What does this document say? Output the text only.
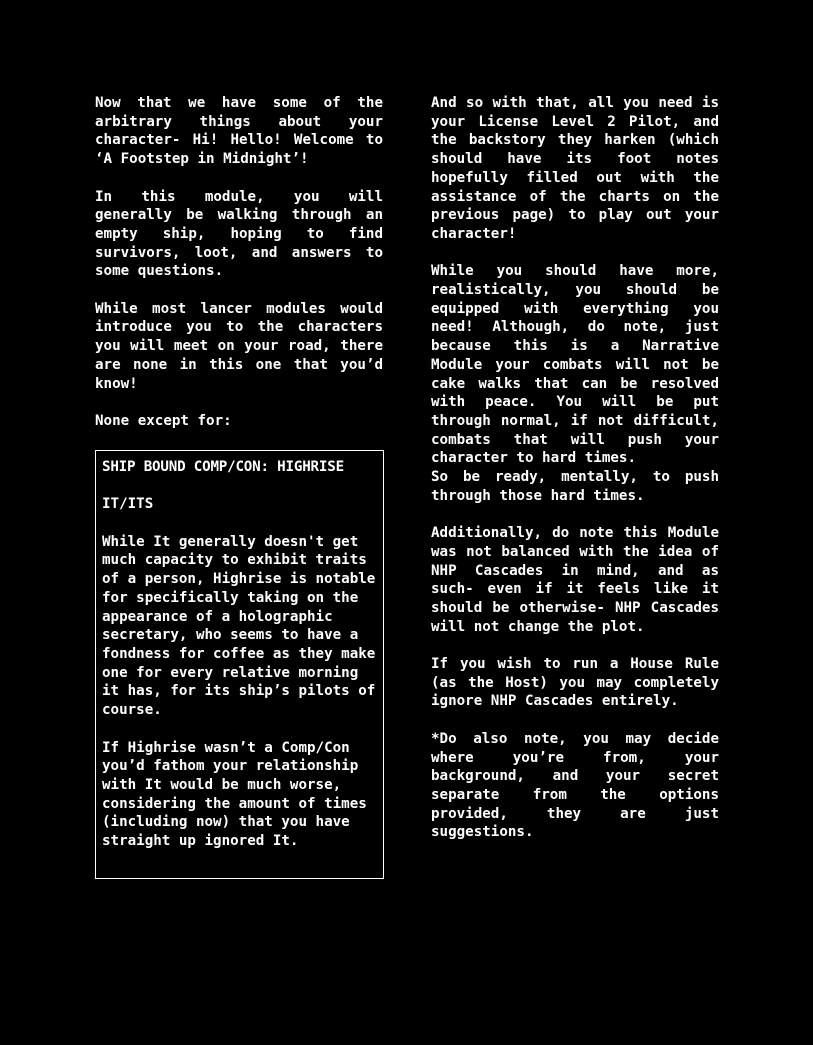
Now that we have some of the arbitrary things about your character- Hi! Hello! Welcome to ‘A Footstep in Midnight’!

In this module, you will generally be walking through an empty ship, hoping to find survivors, loot, and answers to some questions.

While most lancer modules would introduce you to the characters you will meet on your road, there are none in this one that you’d know!

None except for:

SHIP BOUND COMP/CON: HIGHRISE

IT/ITS

While It generally doesn't get much capacity to exhibit traits of a person, Highrise is notable for specifically taking on the appearance of a holographic secretary, who seems to have a fondness for coffee as they make one for every relative morning it has, for its ship’s pilots of course.

If Highrise wasn’t a Comp/Con you’d fathom your relationship with It would be much worse, considering the amount of times (including now) that you have straight up ignored It.

And so with that, all you need is your License Level 2 Pilot, and the backstory they harken (which should have its foot notes hopefully filled out with the assistance of the charts on the previous page) to play out your character!

While you should have more, realistically, you should be equipped with everything you need! Although, do note, just because this is a Narrative Module your combats will not be cake walks that can be resolved with peace. You will be put through normal, if not difficult, combats that will push your character to hard times.

So be ready, mentally, to push through those hard times.

Additionally, do note this Module was not balanced with the idea of NHP Cascades in mind, and as such- even if it feels like it should be otherwise- NHP Cascades will not change the plot.

If you wish to run a House Rule (as the Host) you may completely ignore NHP Cascades entirely.

*Do also note, you may decide where you’re from, your background, and your secret separate from the options provided, they are just suggestions.
